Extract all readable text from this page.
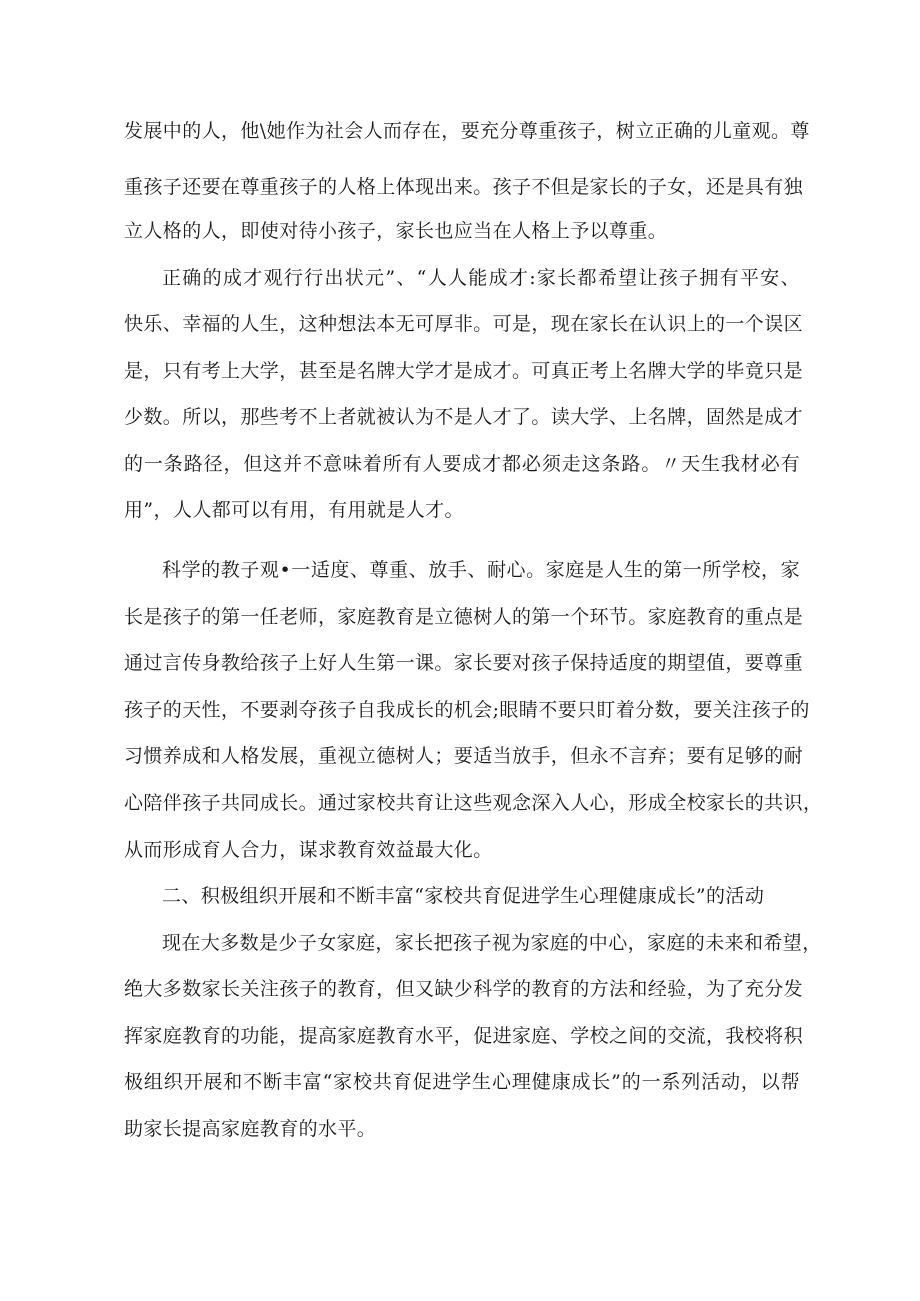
发展中的人，他\她作为社会人而存在，要充分尊重孩子，树立正确的儿童观。尊
重孩子还要在尊重孩子的人格上体现出来。孩子不但是家长的子女，还是具有独
立人格的人，即使对待小孩子，家长也应当在人格上予以尊重。
正确的成才观行行出状元”、“人人能成才:家长都希望让孩子拥有平安、
快乐、幸福的人生，这种想法本无可厚非。可是，现在家长在认识上的一个误区
是，只有考上大学，甚至是名牌大学才是成才。可真正考上名牌大学的毕竟只是
少数。所以，那些考不上者就被认为不是人才了。读大学、上名牌，固然是成才
的一条路径，但这并不意味着所有人要成才都必须走这条路。〃天生我材必有
用”，人人都可以有用，有用就是人才。
科学的教子观•一适度、尊重、放手、耐心。家庭是人生的第一所学校，家
长是孩子的第一任老师，家庭教育是立德树人的第一个环节。家庭教育的重点是
通过言传身教给孩子上好人生第一课。家长要对孩子保持适度的期望值，要尊重
孩子的天性，不要剥夺孩子自我成长的机会;眼睛不要只盯着分数，要关注孩子的
习惯养成和人格发展，重视立德树人；要适当放手，但永不言弃；要有足够的耐
心陪伴孩子共同成长。通过家校共育让这些观念深入人心，形成全校家长的共识，
从而形成育人合力，谋求教育效益最大化。
二、积极组织开展和不断丰富“家校共育促进学生心理健康成长”的活动
现在大多数是少子女家庭，家长把孩子视为家庭的中心，家庭的未来和希望，
绝大多数家长关注孩子的教育，但又缺少科学的教育的方法和经验，为了充分发
挥家庭教育的功能，提高家庭教育水平，促进家庭、学校之间的交流，我校将积
极组织开展和不断丰富“家校共育促进学生心理健康成长”的一系列活动，以帮
助家长提高家庭教育的水平。
